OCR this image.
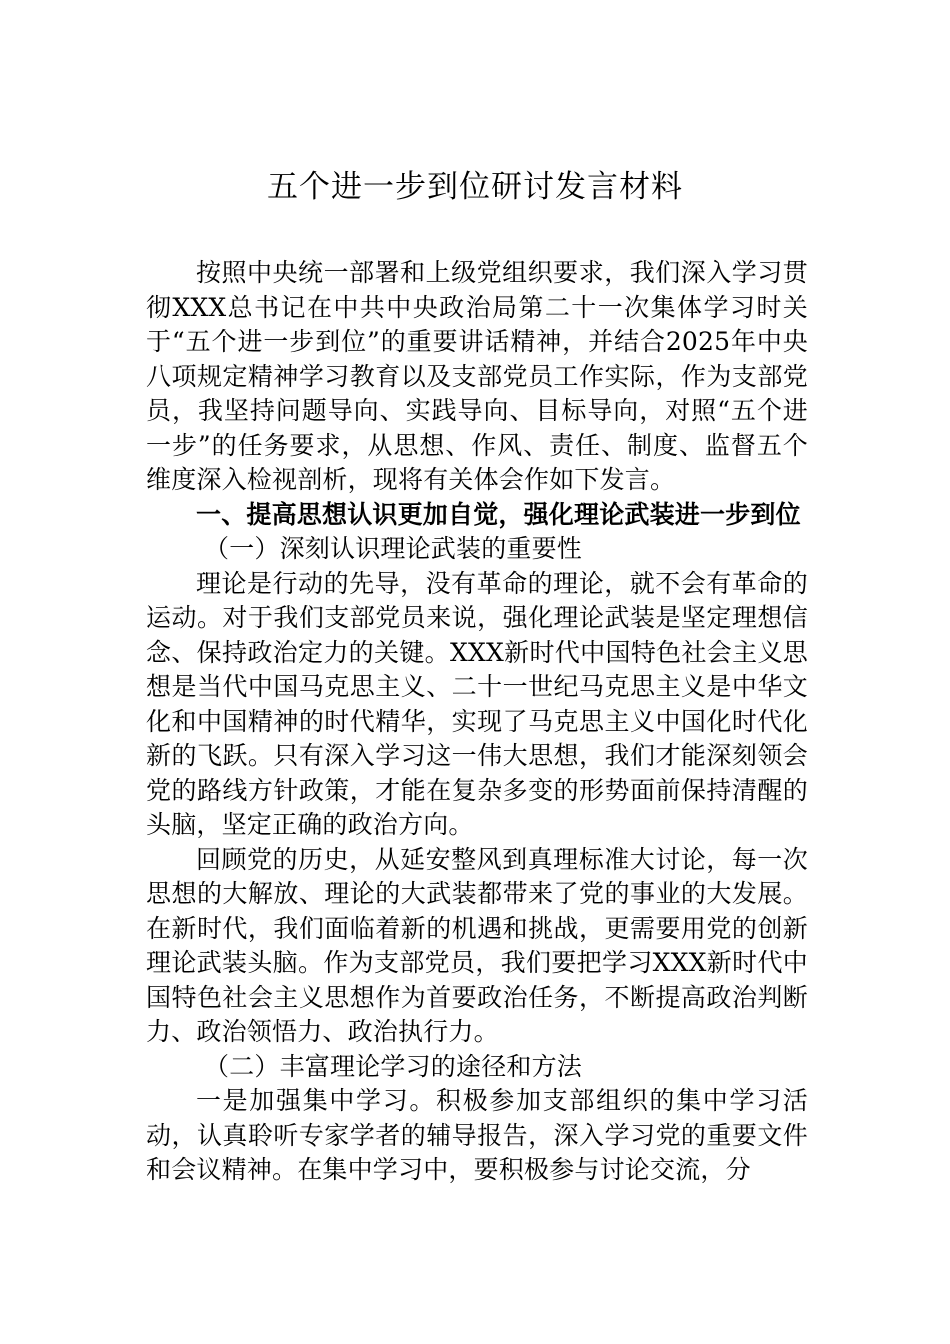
五个进一步到位研讨发言材料

按照中央统一部署和上级党组织要求，我们深入学习贯彻XXX总书记在中共中央政治局第二十一次集体学习时关于“五个进一步到位”的重要讲话精神，并结合2025年中央八项规定精神学习教育以及支部党员工作实际，作为支部党员，我坚持问题导向、实践导向、目标导向，对照“五个进一步”的任务要求，从思想、作风、责任、制度、监督五个维度深入检视剖析，现将有关体会作如下发言。

一、提高思想认识更加自觉，强化理论武装进一步到位

（一）深刻认识理论武装的重要性

理论是行动的先导，没有革命的理论，就不会有革命的运动。对于我们支部党员来说，强化理论武装是坚定理想信念、保持政治定力的关键。XXX新时代中国特色社会主义思想是当代中国马克思主义、二十一世纪马克思主义是中华文化和中国精神的时代精华，实现了马克思主义中国化时代化新的飞跃。只有深入学习这一伟大思想，我们才能深刻领会党的路线方针政策，才能在复杂多变的形势面前保持清醒的头脑，坚定正确的政治方向。

回顾党的历史，从延安整风到真理标准大讨论，每一次思想的大解放、理论的大武装都带来了党的事业的大发展。在新时代，我们面临着新的机遇和挑战，更需要用党的创新理论武装头脑。作为支部党员，我们要把学习XXX新时代中国特色社会主义思想作为首要政治任务，不断提高政治判断力、政治领悟力、政治执行力。

（二）丰富理论学习的途径和方法

一是加强集中学习。积极参加支部组织的集中学习活动，认真聆听专家学者的辅导报告，深入学习党的重要文件和会议精神。在集中学习中，要积极参与讨论交流，分
